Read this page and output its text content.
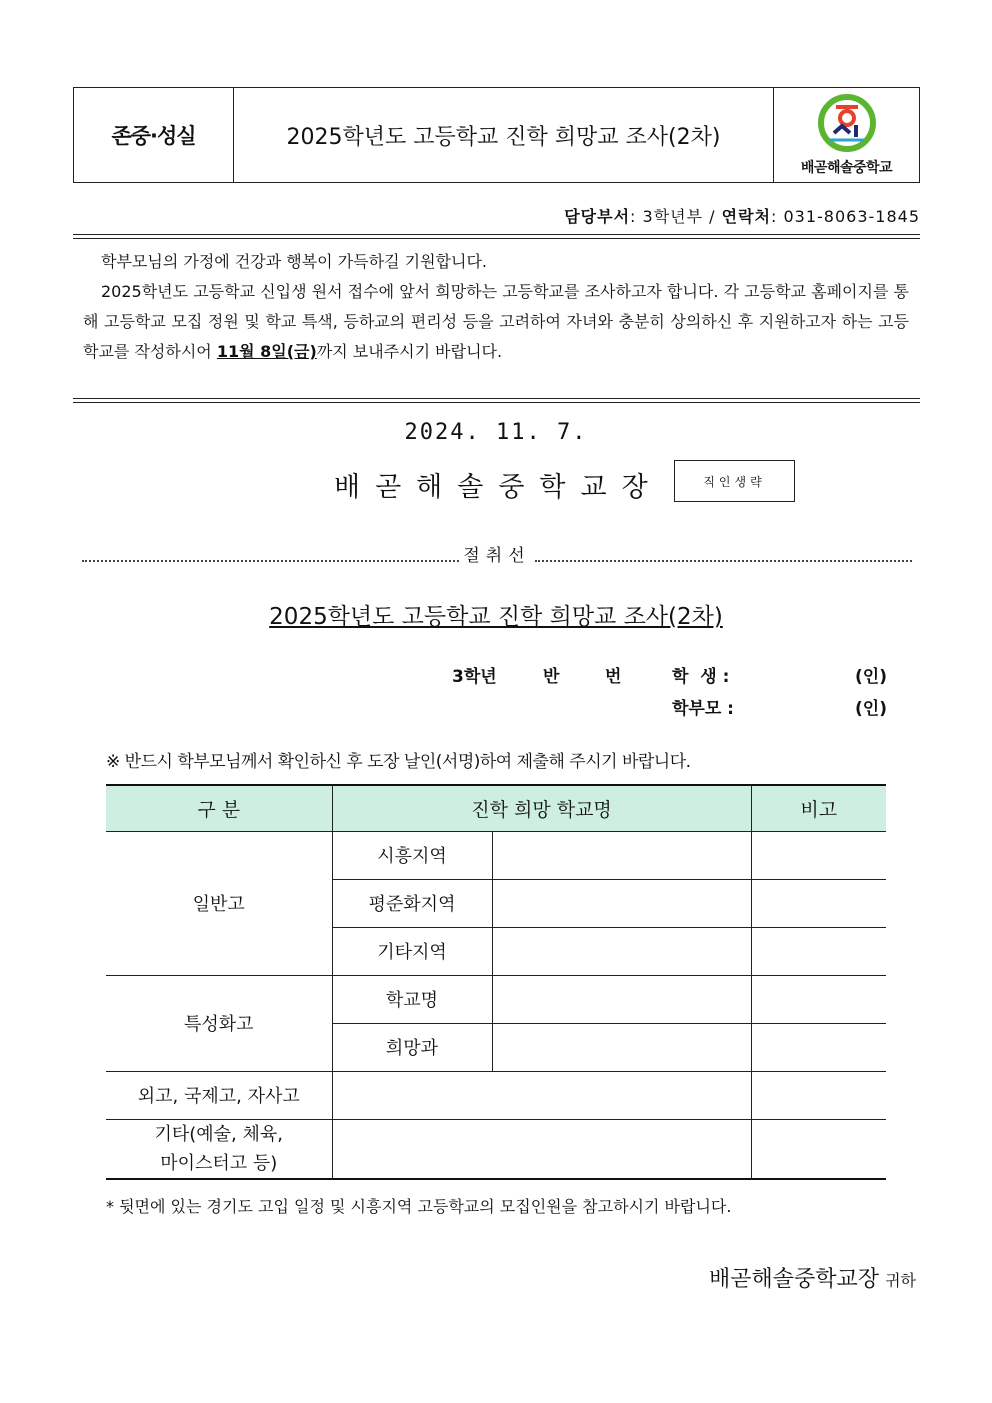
존중·성실	2025학년도 고등학교 진학 희망교 조사(2차)
배곧해솔중학교
담당부서: 3학년부 / 연락처: 031-8063-1845

학부모님의 가정에 건강과 행복이 가득하길 기원합니다.

2025학년도 고등학교 신입생 원서 접수에 앞서 희망하는 고등학교를 조사하고자 합니다. 각 고등학교 홈페이지를 통해 고등학교 모집 정원 및 학교 특색, 등하교의 편리성 등을 고려하여 자녀와 충분히 상의하신 후 지원하고자 하는 고등학교를 작성하시어 11월 8일(금)까지 보내주시기 바랍니다.

2024. 11. 7.
배곧해솔중학교장	직인생략
절취선
2025학년도 고등학교 진학 희망교 조사(2차)
3학년	반	번	학  생 :	(인)
학부모 :	(인)
※ 반드시 학부모님께서 확인하신 후 도장 날인(서명)하여 제출해 주시기 바랍니다.
구 분	진학 희망 학교명		비고
일반고	시흥지역		
	평준화지역		
	기타지역		
특성화고	학교명		
	희망과		
외고, 국제고, 자사고			
기타(예술, 체육,
마이스터고 등)			
* 뒷면에 있는 경기도 고입 일정 및 시흥지역 고등학교의 모집인원을 참고하시기 바랍니다.
배곧해솔중학교장 귀하
